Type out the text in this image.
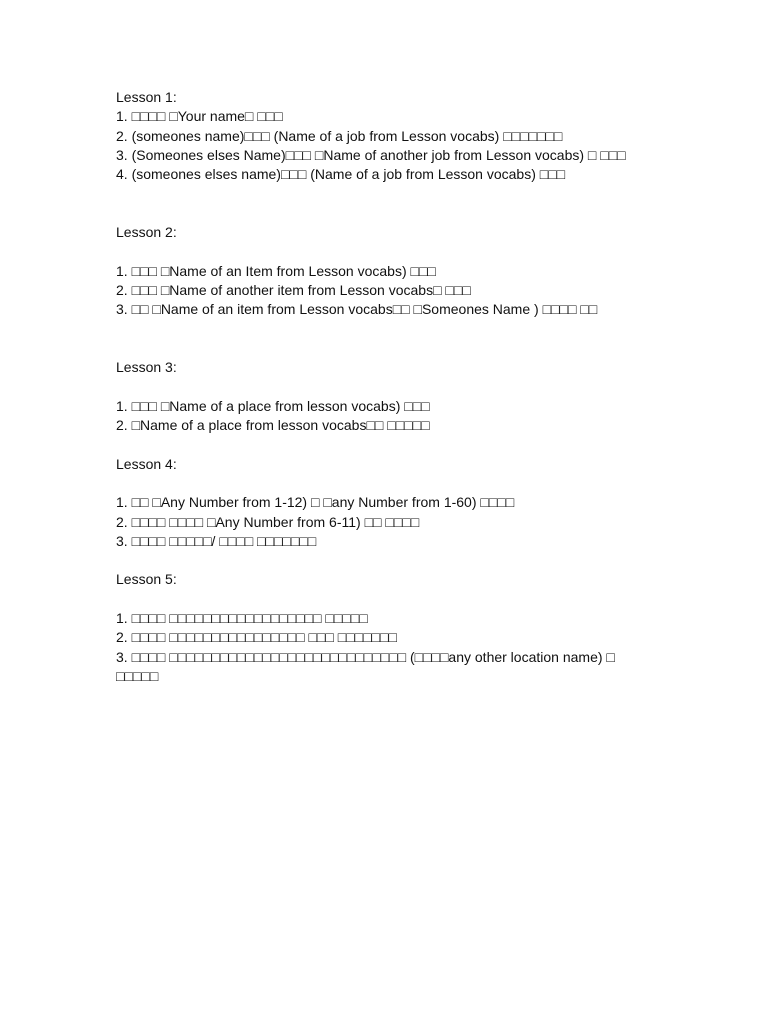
Lesson 1:

1. □□□□ □Your name□ □□□

2. (someones name)□□□ (Name of a job from Lesson vocabs) □□□□□□□

3. (Someones elses Name)□□□ □Name of another job from Lesson vocabs) □ □□□

4. (someones elses name)□□□ (Name of a job from Lesson vocabs) □□□

Lesson 2:

1. □□□ □Name of an Item from Lesson vocabs) □□□

2. □□□ □Name of another item from Lesson vocabs□ □□□

3. □□ □Name of an item from Lesson vocabs□□ □Someones Name ) □□□□ □□

Lesson 3:

1. □□□ □Name of a place from lesson vocabs) □□□

2. □Name of a place from lesson vocabs□□ □□□□□

Lesson 4:

1. □□ □Any Number from 1-12) □ □any Number from 1-60) □□□□

2. □□□□ □□□□ □Any Number from 6-11) □□ □□□□

3. □□□□ □□□□□/ □□□□ □□□□□□□

Lesson 5:

1. □□□□ □□□□□□□□□□□□□□□□□□ □□□□□

2. □□□□ □□□□□□□□□□□□□□□□ □□□ □□□□□□□

3. □□□□ □□□□□□□□□□□□□□□□□□□□□□□□□□□□ (□□□□any other location name) □ □□□□□
